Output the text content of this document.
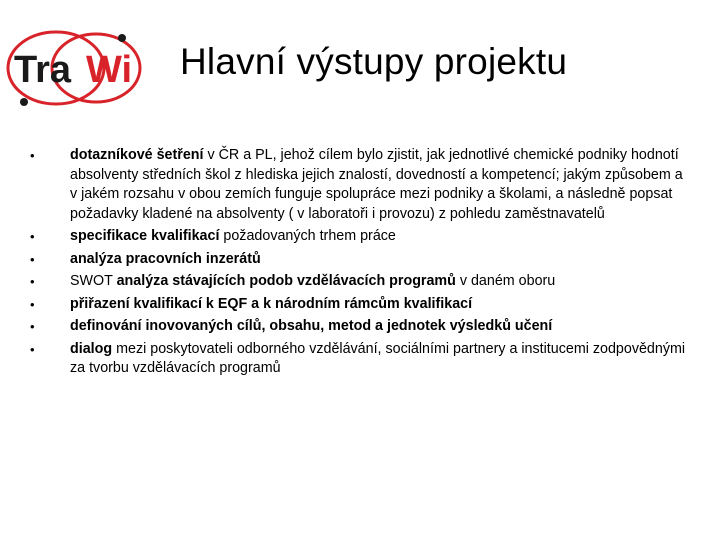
Tra Wi Hlavní výstupy projektu
• dotazníkové šetření v ČR a PL, jehož cílem bylo zjistit, jak jednotlivé chemické podniky hodnotí absolventy středních škol z hlediska jejich znalostí, dovedností a kompetencí; jakým způsobem a v jakém rozsahu v obou zemích funguje spolupráce mezi podniky a školami, a následně popsat požadavky kladené na absolventy ( v laboratoři i provozu) z pohledu zaměstnavatelů
• specifikace kvalifikací požadovaných trhem práce
• analýza pracovních inzerátů
• SWOT analýza stávajících podob vzdělávacích programů v daném oboru
• přiřazení kvalifikací k EQF a k národním rámcům kvalifikací
• definování inovovaných cílů, obsahu, metod a jednotek výsledků učení
• dialog mezi poskytovateli odborného vzdělávání, sociálními partnery a institucemi zodpovědnými za tvorbu vzdělávacích programů
